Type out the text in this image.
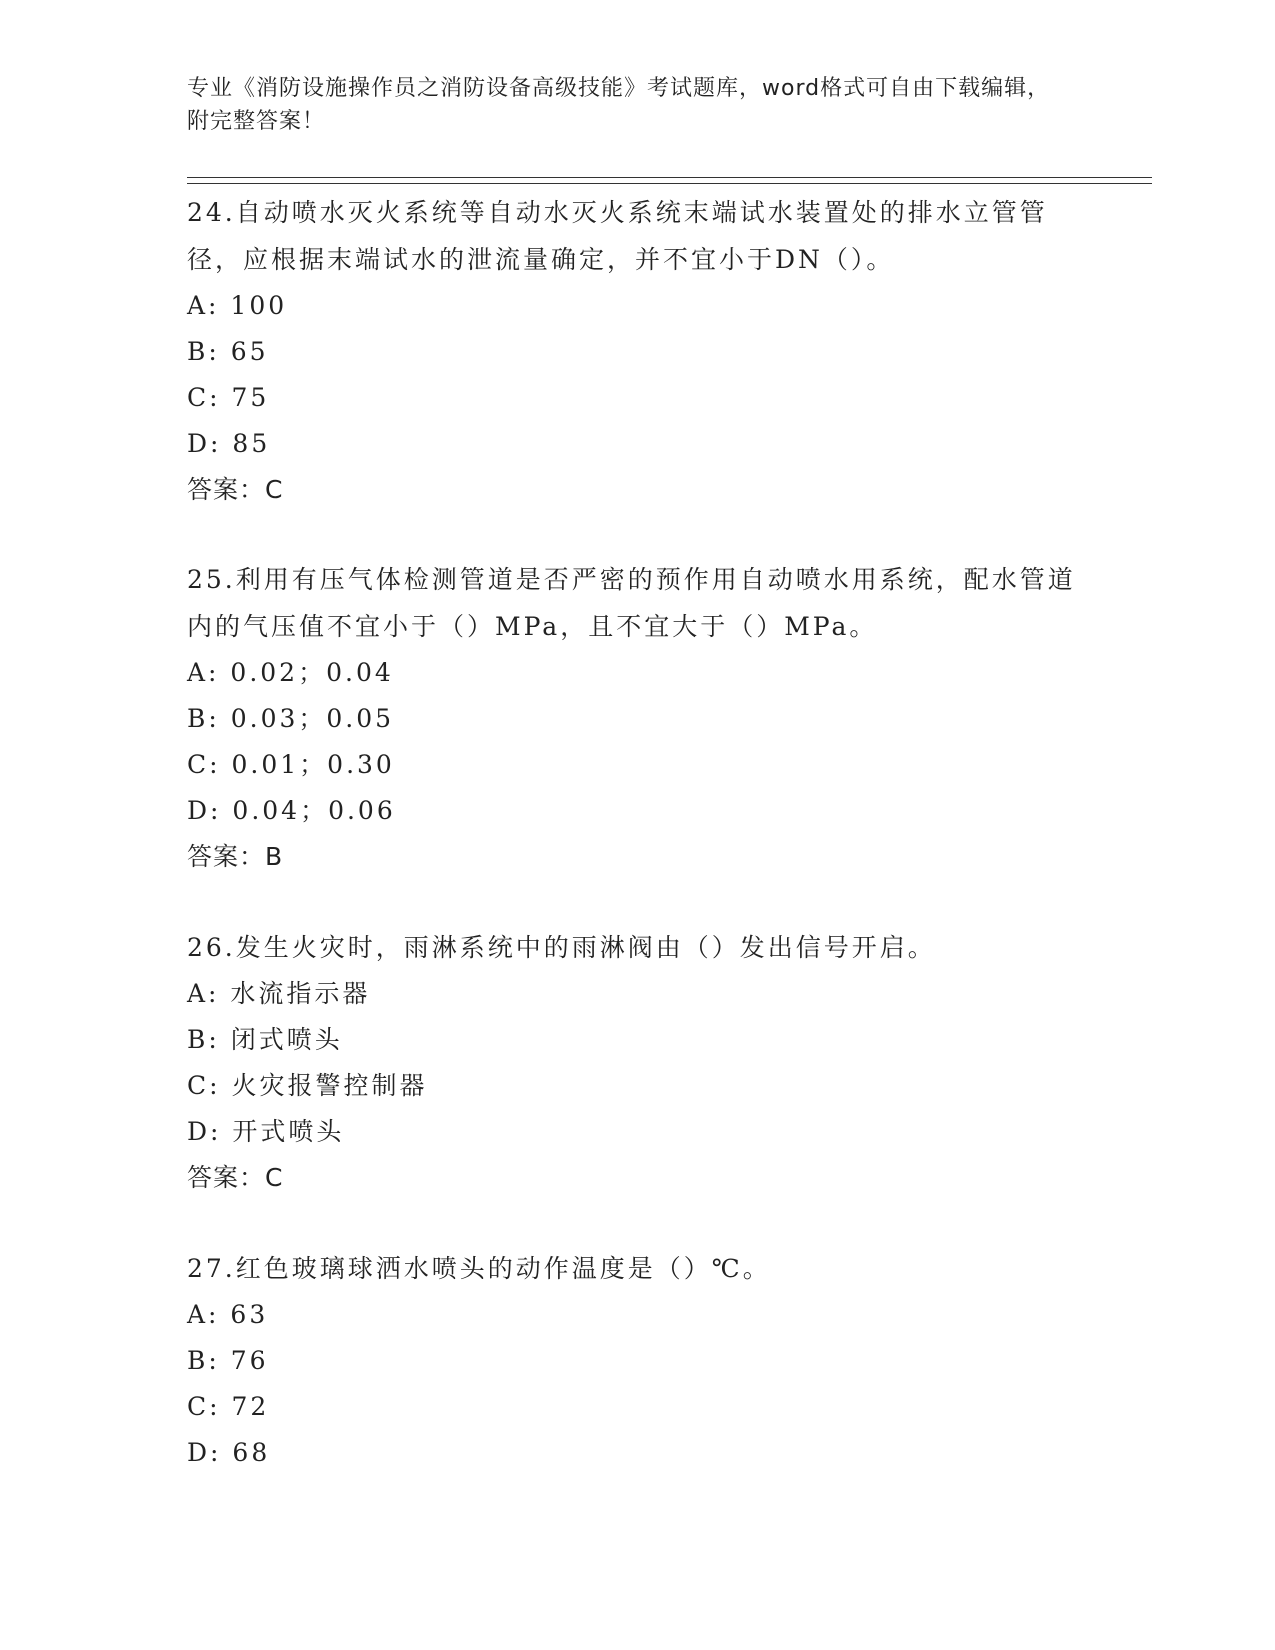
专业《消防设施操作员之消防设备高级技能》考试题库，word格式可自由下载编辑，附完整答案！

24.自动喷水灭火系统等自动水灭火系统末端试水装置处的排水立管管径，应根据末端试水的泄流量确定，并不宜小于DN（）。

A: 100

B: 65

C: 75

D: 85

答案：C

25.利用有压气体检测管道是否严密的预作用自动喷水用系统，配水管道内的气压值不宜小于（）MPa，且不宜大于（）MPa。

A: 0.02；0.04

B: 0.03；0.05

C: 0.01；0.30

D: 0.04；0.06

答案：B

26.发生火灾时，雨淋系统中的雨淋阀由（）发出信号开启。

A: 水流指示器

B: 闭式喷头

C: 火灾报警控制器

D: 开式喷头

答案：C

27.红色玻璃球洒水喷头的动作温度是（）℃。

A: 63

B: 76

C: 72

D: 68
